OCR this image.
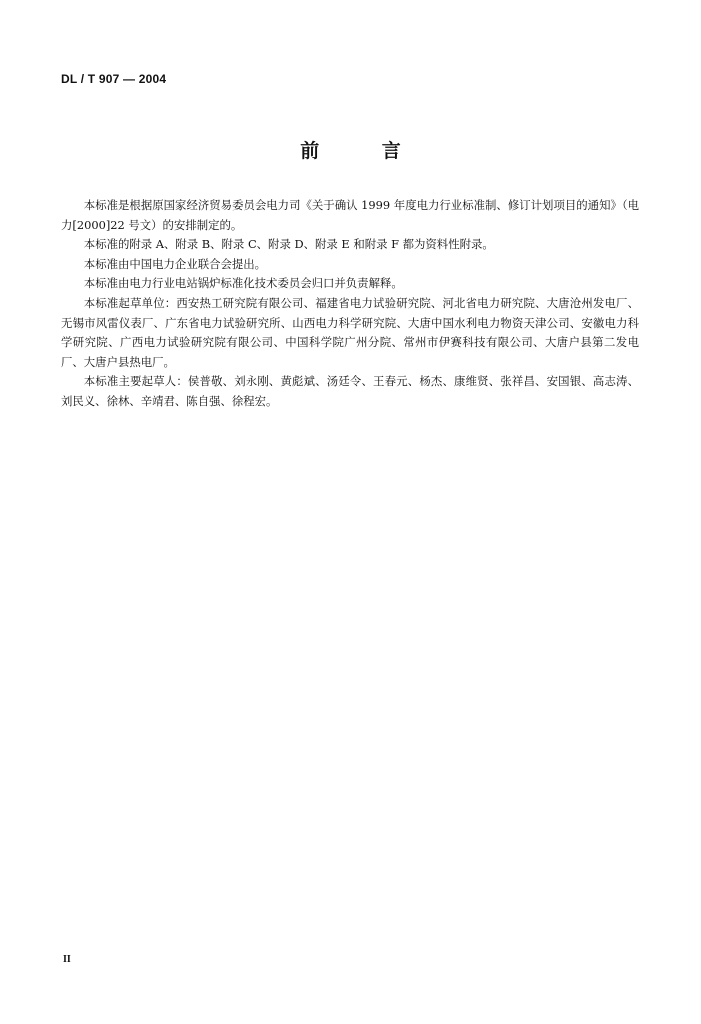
DL / T 907 — 2004
前 言

本标准是根据原国家经济贸易委员会电力司《关于确认 1999 年度电力行业标准制、修订计划项目的通知》（电力[2000]22 号文）的安排制定的。

本标准的附录 A、附录 B、附录 C、附录 D、附录 E 和附录 F 都为资料性附录。

本标准由中国电力企业联合会提出。

本标准由电力行业电站锅炉标准化技术委员会归口并负责解释。

本标准起草单位：西安热工研究院有限公司、福建省电力试验研究院、河北省电力研究院、大唐沧州发电厂、无锡市风雷仪表厂、广东省电力试验研究所、山西电力科学研究院、大唐中国水利电力物资天津公司、安徽电力科学研究院、广西电力试验研究院有限公司、中国科学院广州分院、常州市伊赛科技有限公司、大唐户县第二发电厂、大唐户县热电厂。

本标准主要起草人：侯普敬、刘永刚、黄彪斌、汤廷令、王春元、杨杰、康维贤、张祥昌、安国银、高志涛、刘民义、徐林、辛靖君、陈自强、徐程宏。

II
